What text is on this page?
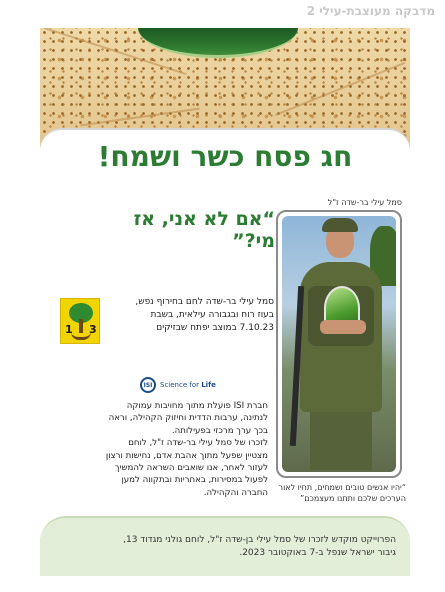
מדבקה מעוצבת-עילי 2
חג פסח כשר ושמח!
“אם לא אני, אז מי?”
סמל עילי בר-שדה ז"ל
“יהיו אנשים טובים ושמחים, תחיו לאור
הערכים שלכם ותתנו מעצמכם”
1 3
סמל עילי בר-שדה לחם בחירוף נפש,
בעוז רוח ובגבורה עילאית, בשבת
7.10.23 במוצב יפתח שבזיקים
ISI	Science for Life
חברת ISI פועלת מתוך מחויבות עמוקה
לנתינה, ערבות הדדית וחיזוק הקהילה, וראה
בכך ערך מרכזי בפעילותה.
לזכרו של סמל עילי בר-שדה ז"ל, לוחם
מצטיין שפעל מתוך אהבת אדם, נחישות ורצון
לעזור לאחר, אנו שואבים השראה להמשיך
לפעול במסירות, באחריות ובתקווה למען
החברה והקהילה.
הפרוייקט מוקדש לזכרו של סמל עילי בן-שדה ז"ל, לוחם גולני מגדוד 13,
גיבור ישראל שנפל ב-7 באוקטובר 2023.
